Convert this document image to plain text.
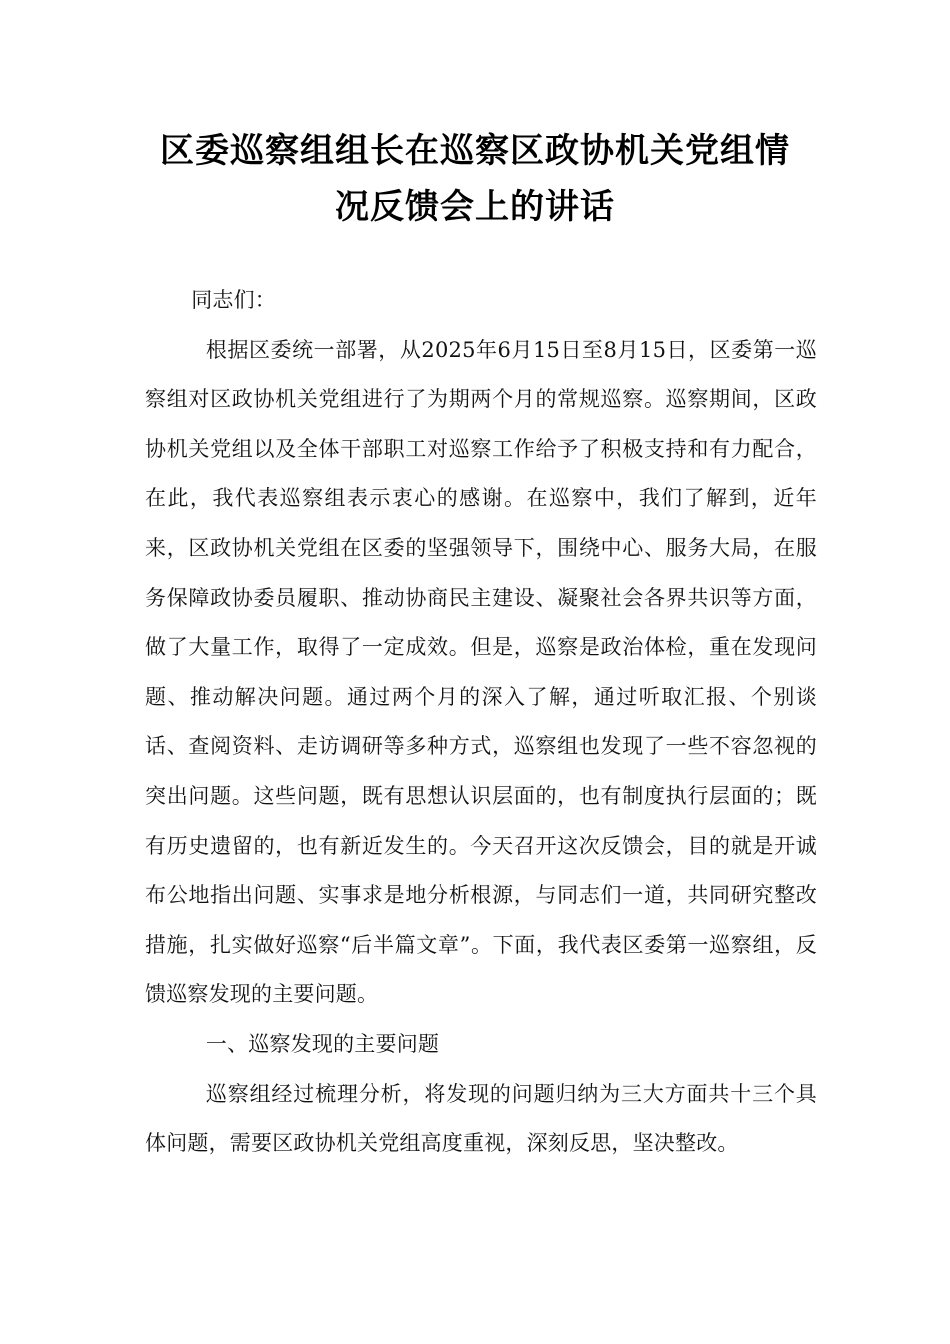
区委巡察组组长在巡察区政协机关党组情
况反馈会上的讲话

同志们：

根据区委统一部署，从2025年6月15日至8月15日，区委第一巡察组对区政协机关党组进行了为期两个月的常规巡察。巡察期间，区政协机关党组以及全体干部职工对巡察工作给予了积极支持和有力配合，在此，我代表巡察组表示衷心的感谢。在巡察中，我们了解到，近年来，区政协机关党组在区委的坚强领导下，围绕中心、服务大局，在服务保障政协委员履职、推动协商民主建设、凝聚社会各界共识等方面，做了大量工作，取得了一定成效。但是，巡察是政治体检，重在发现问题、推动解决问题。通过两个月的深入了解，通过听取汇报、个别谈话、查阅资料、走访调研等多种方式，巡察组也发现了一些不容忽视的突出问题。这些问题，既有思想认识层面的，也有制度执行层面的；既有历史遗留的，也有新近发生的。今天召开这次反馈会，目的就是开诚布公地指出问题、实事求是地分析根源，与同志们一道，共同研究整改措施，扎实做好巡察“后半篇文章”。下面，我代表区委第一巡察组，反馈巡察发现的主要问题。

一、巡察发现的主要问题

巡察组经过梳理分析，将发现的问题归纳为三大方面共十三个具体问题，需要区政协机关党组高度重视，深刻反思，坚决整改。
